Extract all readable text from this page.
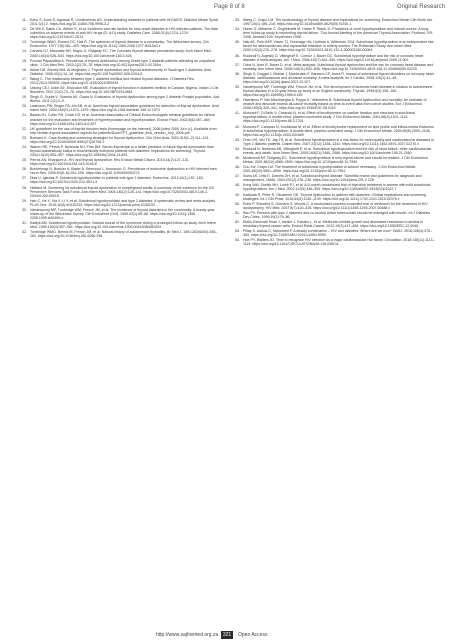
Page 8 of 8	Original Research
11. Kahu S, Koris D, Agrawal R, Unnikrishnan AG. Understanding diabetes in patients with HIV/AIDS. Diabetol Metab Syndr. 2011;3(1):2. https://doi.org/10.1186/1758-5996-3-2
12. De Wit S, Sabin CA, Weber R, et al. Incidence and risk factors for new-onset diabetes in HIV-infected patients. The data collection on adverse events of anti-HIV drugs (D: A:D) study. Diabetes Care. 2008;31(6):1224–1229. https://doi.org/10.2337/dc07-2013
13. Tunbridge WMG, Evered DC, Hall R. The spectrum of thyroid disease in a community: The Whickham survey. Clin Endocrinol. 1977;7(6):481–493. https://doi.org/10.1111/j.1365-2265.1977.tb01340.x
14. Canaris GJ, Manowitz NR, Mayor G, Ridgway EC. The Colorado thyroid disease prevalence study. Arch Intern Med. 2000;160(4):526–534. https://doi.org/10.1001/archinte.160.4.526
15. Pozzan Papazafeia A. Prevalence of thyroid dysfunction among Greek type 2 diabetic patients attending an outpatient clinic. J Clin Med Res. 2010;2(2):75–78. https://doi.org/10.4021/jocmr2010.03.281w
16. Akbar DH, Ahmed MM, Al-Mughales J. Thyroid dysfunction and thyroid autoimmunity in Saudi type 2 diabetics. Acta Diabetol. 2006;43(1):14–18. https://doi.org/10.1007/s00592-006-0204-6
17. Wang C. The relationship between type 2 diabetes mellitus and related thyroid diseases. J Diabetes Res. 2013;2013:390534. https://doi.org/10.1155/2013/390534
18. Udiong CEJ, Udoh AE, Etukudoh ME. Evaluation of thyroid function in diabetes mellitus in Calabar, Nigeria. Indian J Clin Biochem. 2007;22(2):74–78. https://doi.org/10.1007/BF02912884
19. Singh G, Gupta V, Sharma AK, Gupta N. Evaluation of thyroid dysfunction among type 2 diabetic Punjabi population. Adv Biores. 2011;2(2):3–9.
20. Ladenson PW, Singer PA, Ain KB, et al. American thyroid association guidelines for detection of thyroid dysfunction. Arch Intern Med. 2000;160(11):1573–1575. https://doi.org/10.1001/archinte.160.11.1573
21. Baskin HJ, Cobin RH, Duick DS, et al. American Association of Clinical Endocrinologists medical guidelines for clinical practice for the evaluation and treatment of hyperthyroidism and hypothyroidism. Endocr Pract. 2002;8(6):457–469. https://doi.org/10.4158/1934-2403-8.6.457
22. UK guidelines for the use of thyroid function tests [homepage on the Internet]. 2006 [cited 2006 Jul n.d.]. Available from: http://british-thyroid-association.org/info-for-patients/Docs/TFT_guideline_final_version_July_2006.pdf
23. Boelaert K. Case-finding and screening strategies for thyroid dysfunction. Clin Chim Acta. 2002;315(1–2):111–124. https://doi.org/10.1016/s0009-8981(01)00706-2
24. Warren RE, Perros P, Nyirenda MJ, Frier BM. Serum thyrotropin is a better predictor of future thyroid dysfunction than thyroid autoantibody status in biochemically euthyroid patients with diabetes: implications for screening. Thyroid. 2004;14(10):853–857. https://doi.org/10.1089/thy.2004.14.853
25. Perros AN, Khangure A. HIV and thyroid dysfunction. Rev Endocr Metab Disord. 2013;14(2):127–131. https://doi.org/10.1007/s11154-013-9248-6
26. Bonkirimayi N, Bonuier A, Bader A, Semrouni L, Amouroux G. Prevalence of endocrine dysfunction in HIV infected men. Horm Res. 2000;54(5–6):294–295. https://doi.org/10.1159/000053274
27. Dias U, Iglesias P. Subclinical hypothyroidism in patients with type 2 diabetes. Endocrine. 2012;42(1):157–163. https://doi.org/10.1007/s12020-012-9621-9
28. Helfand M. Screening for subclinical thyroid dysfunction in nonpregnant adults: A summary of the evidence for the US Preventive Services Task Force. Ann Intern Med. 2004;140(2):128–141. https://doi.org/10.7326/0003-4819-140-2-200401200-00015
29. Han C, He X, Xia X, Li Y, et al. Subclinical hypothyroidism and type 2 diabetes: A systematic review and meta-analysis. PLoS One. 2015;10(8):e0135233. https://doi.org/10.1371/journal.pone.0135233
30. Vanderpump MP, Tunbridge WM, French JM, et al. The incidence of thyroid disorders in the community: A twenty-year follow-up of the Whickham Survey. Clin Endocrinol (Oxf). 1995;43(1):55–68. https://doi.org/10.1111/j.1365-2265.1995.tb01894.x
31. Kadiyil AM. Subclinical hypothyroidism. Natural course of the syndrome during a prolonged follow-up study. Arch Intern Med. 1990;150(4):957–961. https://doi.org/10.1001/archinte.1993.00410080082004
32. Tunbridge WMG, Brewis M, French JM, et al. Natural history of autoimmune thyroiditis. Br Med J. 1981;282(6260):258–262. https://doi.org/10.1136/bmj.282.6260.258
33. Wang C, Crapo LM. The epidemiology of thyroid disease and implications for screening. Endocrinol Metab Clin North Am. 1997;26(1):189–218. https://doi.org/10.1016/s0889-8529(05)70240-1
34. Huber G, Mitrache C, Guglielmetti M, Huber P, Staub JJ. Predictors of overt hypothyroidism and natural course: A long-term follow-up study in impending thyroid failure. 71st Annual Meeting of the American Thyroid Association; Portland, OR; 1998. Abstract 109; September 1998.
35. Hak AE, Pols HAP, Visser TJ, Drexhage HA, Hofman A, Witteman JCM. Subclinical hypothyroidism is an independent risk factor for atherosclerosis and myocardial infarction in elderly women: The Rotterdam Study. Ann Intern Med. 2000;132(4):270–278. https://doi.org/10.7326/0003-4819-132-4-200002150-00004
36. Rodondi N, Aujesky D, Vittinghoff E, Cornuz J, Bauer DC. Subclinical hypothyroidism and the risk of coronary heart disease: A meta-analysis. Am J Med. 2006;119(7):541–551. https://doi.org/10.1016/j.amjmed.2005.11.001
37. Ochs N, Auer R, Bauer D, et al. Meta-analysis: Subclinical thyroid dysfunction and the risk for coronary heart disease and mortality. Ann Intern Med. 2008;148(11):832–845. https://doi.org/10.7326/0003-4819-148-11-200806030-00225
38. Singh S, Duggal J, Molnar J, Maldonado F, Barsano CP, Arora R. Impact of subclinical thyroid disorders on coronary heart disease, cardiovascular and all-cause mortality: A meta-analysis. Int J Cardiol. 2008;125(1):41–48. https://doi.org/10.1016/j.ijcard.2007.02.027
39. Vanderpump MP, Tunbridge WM, French JM, et al. The development of ischemic heart disease in relation to autoimmune thyroid disease in a 20-year follow-up study of an English community. Thyroid. 1996;6(3):155–160. https://doi.org/10.1089/thy.1996.6.155
40. Haentjens P, Van Meerhaeghe A, Poppe K, Velkeniers B. Subclinical thyroid dysfunction and mortality: An estimate of relative and absolute excess all-cause mortality based on time-to-event data from cohort studies. Eur J Endocrinol. 2008;159(3):329–341. https://doi.org/10.1530/EJE-08-0110
41. Monzani F, Di Bello V, Caraccio N, et al. Effect of levothyroxine on cardiac function and structure in subclinical hypothyroidism: A double blind, placebo-controlled study. J Clin Endocrinol Metab. 2001;86(3):1110–1115. https://doi.org/10.1210/jcem.86.3.7291
42. Monzani F, Caraccio N, Kozàkowà M, et al. Effect of levothyroxine replacement on lipid profile and intima-media thickness in subclinical hypothyroidism: A double-blind, placebo-controlled study. J Clin Endocrinol Metab. 2004;89(5):2099–2106. https://doi.org/10.1210/jc.2003-031669
43. Chen HS, Wu TE, Jap TS, et al. Subclinical hypothyroidism is a risk factor for nephropathy and cardiovascular diseases in Type 2 diabetic patients. Diabet Med. 2007;24(12):1336–1344. https://doi.org/10.1111/j.1464-5491.2007.02270.x
44. Rodondi N, Newman AB, Vittinghoff E, et al. Subclinical hypothyroidism and the risk of heart failure, other cardiovascular events, and death. Arch Intern Med. 2005;165(21):2460–2466. https://doi.org/10.1001/archinte.165.21.2460
45. Mcdermott MT, Ridgway EC. Subclinical hypothyroidism is mild thyroid failure and should be treated. J Clin Endocrinol Metab. 2001;86(10):4585–4590. https://doi.org/10.1210/jcem.86.10.7959
46. Chu JW, Crapo LM. The treatment of subclinical hypothyroidism is seldom necessary. J Clin Endocrinol Metab. 2001;86(10):4591–4599. https://doi.org/10.1210/jcem.86.10.7961
47. Surks MI, Ortiz E, Daniels GH, et al. Subclinical thyroid disease: Scientific review and guidelines for diagnosis and management. JAMA. 2004;291(2):228–238. https://doi.org/10.1001/jama.291.2.228
48. Kong WM, Sheikh MH, Lumb PJ, et al. A 6-month randomized trial of thyroxine treatment in women with mild subclinical hypothyroidism. Am J Med. 2002;112(5):348–354. https://doi.org/10.1016/s0002-9343(02)01022-7
49. Kadiyala R, Peter R, Okosieme OE. Thyroid dysfunction in patients with diabetes: Clinical implications and screening strategies. Int J Clin Pract. 2010;64(8):1130–1139. https://doi.org/10.1111/j.1742-1241.2010.02376.x
50. Rohit P, Shevdha S, Gorbach S, Woods C. A randomized placebo-controlled trial of metformin for the treatment of HIV lipodystrophy. HIV Med. 2007;8(7):420–426. https://doi.org/10.1111/j.1468-1293.2007.00488.x
51. Rao PV. Persons with type 2 diabetes and co-morbid active tuberculosis should be managed with insulin. Int J Diabetes Dev Ctries. 1999;19(1):79–86.
52. Elabo-Ekwonde Hose J, Isiraire J, Ezeaku L, et al. Metformin inhibits growth and decreases resistance to anoikis in medullary thyroid cancer cells. Endocr Relat Cancer. 2012;19(3):447–456. https://doi.org/10.1530/ERC-12-0046
53. Pillay S, Aldous C, Mahomed F. A deadly combination – HIV and diabetes: Where are we now? SAMJ. 2016;106(4):378–383. https://doi.org/10.7196/SAMJ.2016.v106i4.9950
54. Hoe PY, Walters JD. Time to recognise HIV infection as a major cardiovascular risk factor. Circulation. 2018;138(11):1113–1115. https://doi.org/10.1161/CIRCULATIONAHA.118.036211
http://www.sajhivmed.org.za 321	Open Access
